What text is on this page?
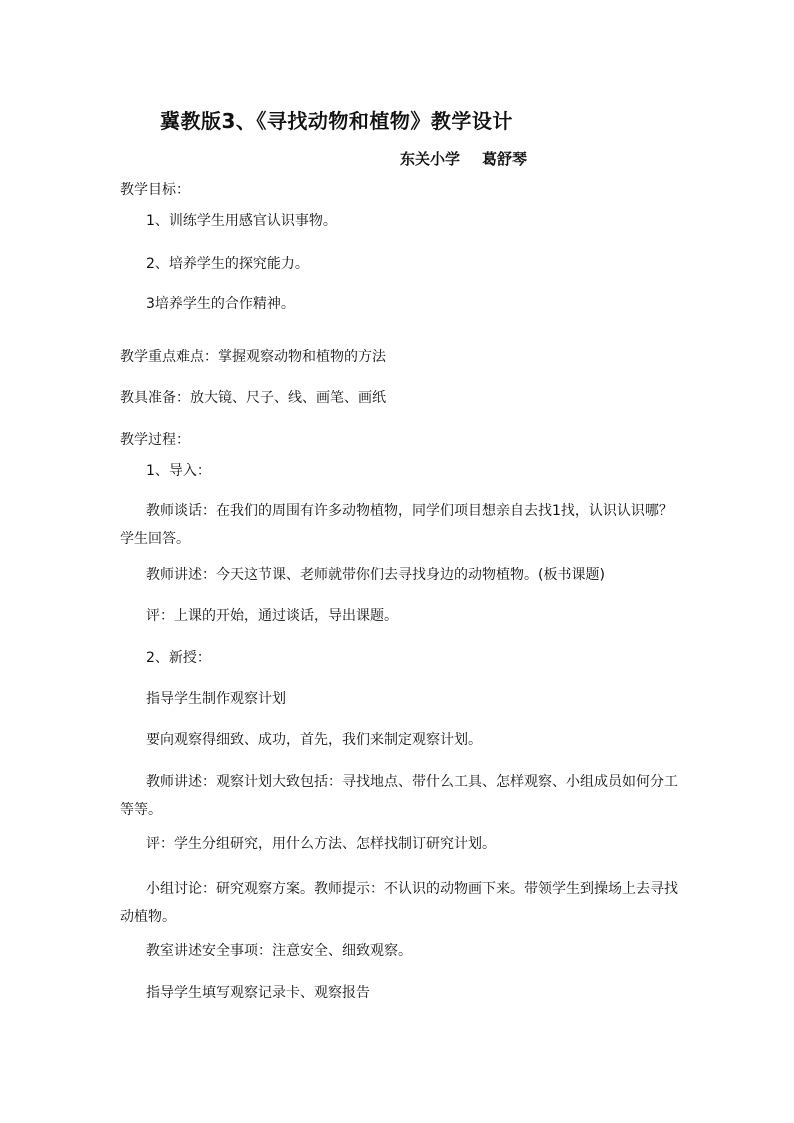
冀教版3、《寻找动物和植物》教学设计
东关小学 葛舒琴
教学目标：
1、训练学生用感官认识事物。
2、培养学生的探究能力。
3培养学生的合作精神。
教学重点难点：掌握观察动物和植物的方法
教具准备：放大镜、尺子、线、画笔、画纸
教学过程：
1、导入：
教师谈话：在我们的周围有许多动物植物，同学们项目想亲自去找1找，认识认识哪？学生回答。
教师讲述：今天这节课、老师就带你们去寻找身边的动物植物。(板书课题)
评：上课的开始，通过谈话，导出课题。
2、新授：
指导学生制作观察计划
要向观察得细致、成功，首先，我们来制定观察计划。
教师讲述：观察计划大致包括：寻找地点、带什么工具、怎样观察、小组成员如何分工等等。
评：学生分组研究，用什么方法、怎样找制订研究计划。
小组讨论：研究观察方案。教师提示：不认识的动物画下来。带领学生到操场上去寻找动植物。
教室讲述安全事项：注意安全、细致观察。
指导学生填写观察记录卡、观察报告
